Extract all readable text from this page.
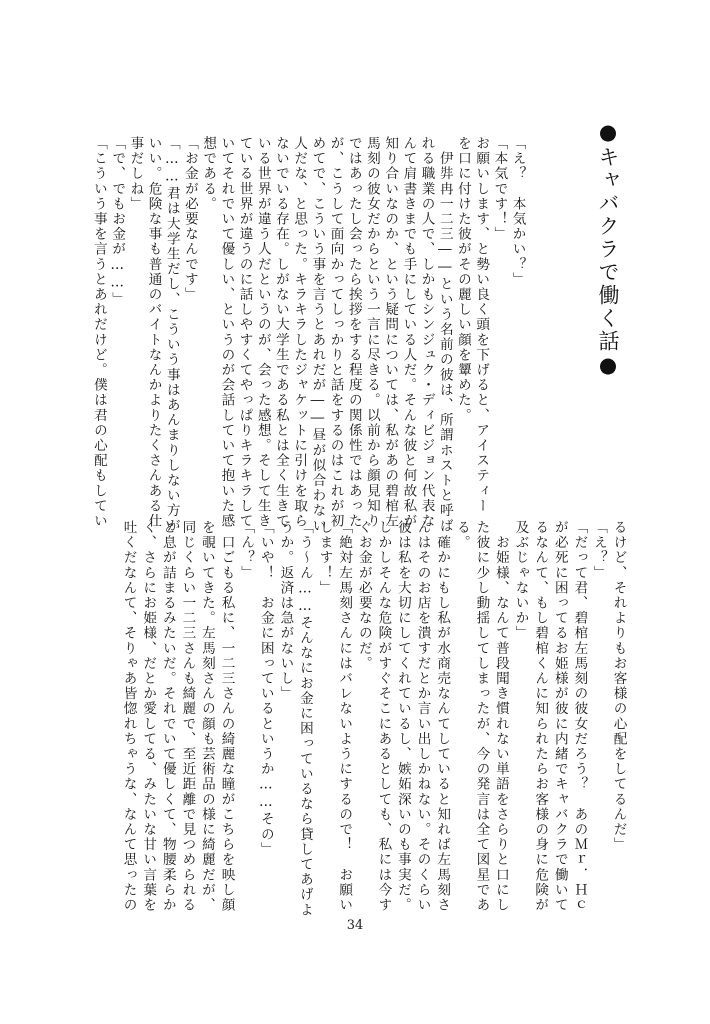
●キャバクラで働く話●
「え？　本気かい？」
「本気です！」
お願いします、と勢い良く頭を下げると、アイスティー
を口に付けた彼がその麗しい顔を顰めた。
　伊弉冉一二三――という名前の彼は、所謂ホストと呼ば
れる職業の人で、しかもシンジュク・ディビジョン代表な
んて肩書きまでも手にしている人だ。そんな彼と何故私が
知り合いなのか、という疑問については、私があの碧棺左
馬刻の彼女だからという一言に尽きる。以前から顔見知り
ではあったし会ったら挨拶をする程度の関係性ではあった
が、こうして面向かってしっかりと話をするのはこれが初
めてで、こういう事を言うとあれだが――昼が似合わない
人だな、と思った。キラキラしたジャケットに引けを取ら
ないでいる存在。しがない大学生である私とは全く生きて
いる世界が違う人だというのが、会った感想。そして生き
ている世界が違うのに話しやすくてやっぱりキラキラして
いてそれでいて優しい、というのが会話していて抱いた感
想である。
「お金が必要なんです」
「……君は大学生だし、こういう事はあんまりしない方が
いい。危険な事も普通のバイトなんかよりたくさんある仕
事だしね」
「で、でもお金が……」
「こういう事を言うとあれだけど。僕は君の心配もしてい
るけど、それよりもお客様の心配をしてるんだ」
「え？」
「だって君、碧棺左馬刻の彼女だろう？　あのＭｒ．Ｈｃ
が必死に困ってるお姫様が彼に内緒でキャバクラで働いて
るなんて、もし碧棺くんに知られたらお客様の身に危険が
及ぶじゃないか」
　お姫様、なんて普段聞き慣れない単語をさらりと口にし
た彼に少し動揺してしまったが、今の発言は全て図星であ
る。
　確かにもし私が水商売なんてしていると知れば左馬刻さ
んはそのお店を潰すだとか言い出しかねない。そのくらい
彼は私を大切にしてくれているし、嫉妬深いのも事実だ。
しかしそんな危険がすぐそこにあるとしても、私には今す
ぐお金が必要なのだ。
「絶対左馬刻さんにはバレないようにするので！　お願い
します！」
「う～ん……そんなにお金に困っているなら貸してあげよ
うか。返済は急がないし」
「いや！　お金に困っているというか……その」
「ん？」
　口ごもる私に、一二三さんの綺麗な瞳がこちらを映し顔
を覗いてきた。左馬刻さんの顔も芸術品の様に綺麗だが、
同じくらい一二三さんも綺麗で、至近距離で見つめられる
と息が詰まるみたいだ。それでいて優しくて、物腰柔らか
く、さらにお姫様、だとか愛してる、みたいな甘い言葉を
吐くだなんて、そりゃあ皆惚れちゃうな、なんて思ったの
34
